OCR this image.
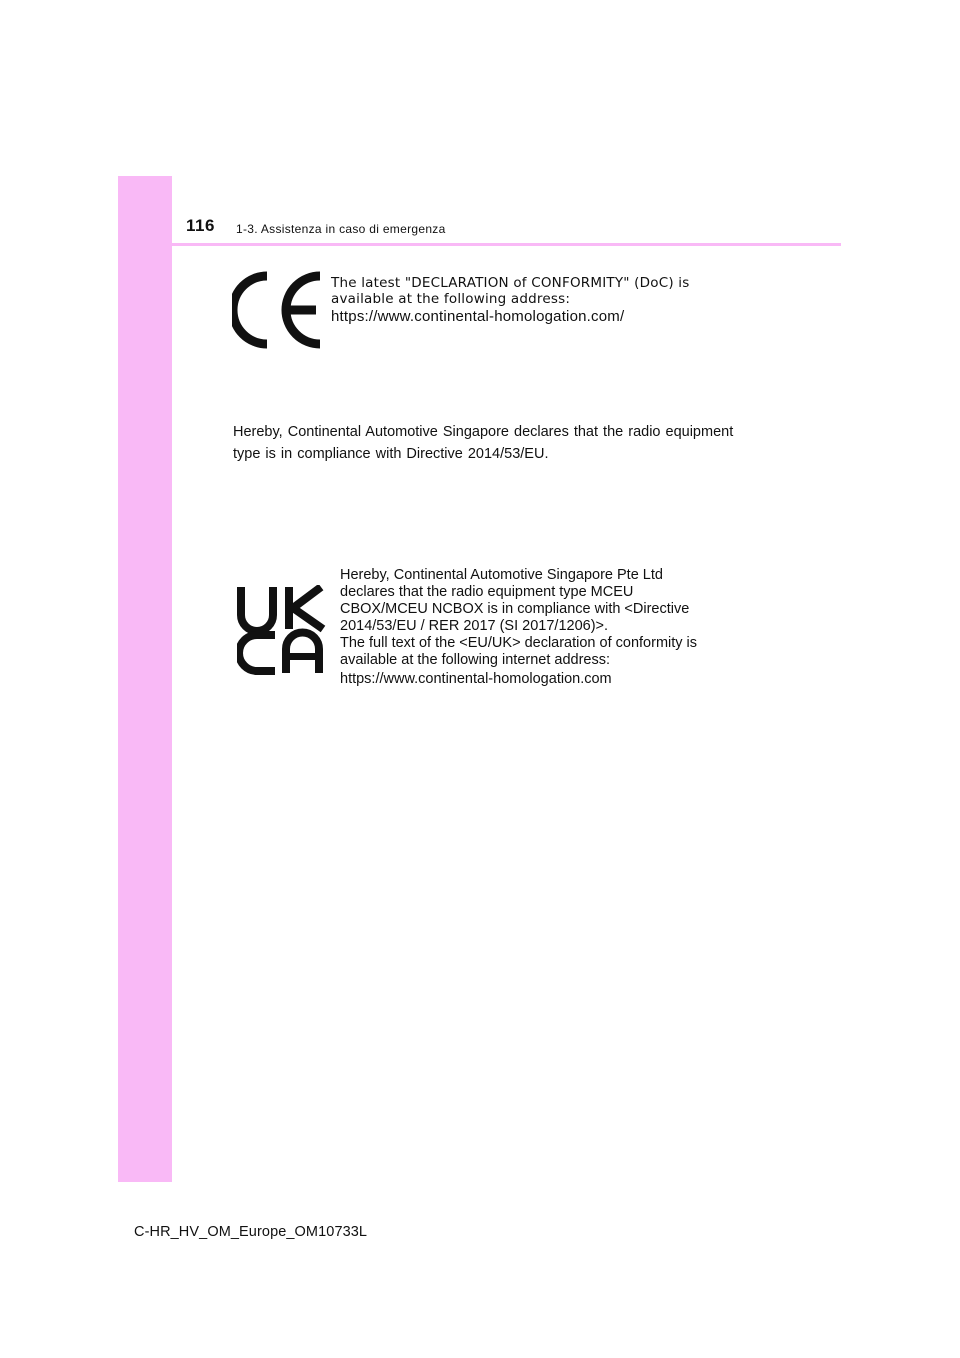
116 1-3. Assistenza in caso di emergenza
The latest "DECLARATION of CONFORMITY" (DoC) is
available at the following address:
https://www.continental-homologation.com/
Hereby, Continental Automotive Singapore declares that the radio equipment
type is in compliance with Directive 2014/53/EU.
Hereby, Continental Automotive Singapore Pte Ltd
declares that the radio equipment type MCEU
CBOX/MCEU NCBOX is in compliance with <Directive
2014/53/EU / RER 2017 (SI 2017/1206)>.
The full text of the <EU/UK> declaration of conformity is
available at the following internet address:
https://www.continental-homologation.com
C-HR_HV_OM_Europe_OM10733L
